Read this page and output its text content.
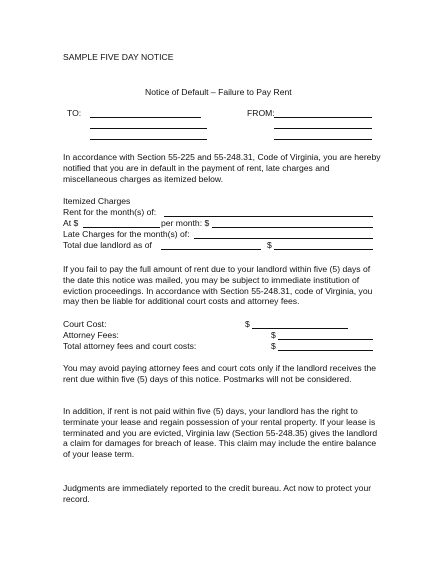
SAMPLE FIVE DAY NOTICE
Notice of Default – Failure to Pay Rent
TO:	FROM:
In accordance with Section 55-225 and 55-248.31, Code of Virginia, you are hereby notified that you are in default in the payment of rent, late charges and miscellaneous charges as itemized below.
Itemized Charges
Rent for the month(s) of:
At $	per month: $
Late Charges for the month(s) of:
Total due landlord as of	$
If you fail to pay the full amount of rent due to your landlord within five (5) days of the date this notice was mailed, you may be subject to immediate institution of eviction proceedings. In accordance with Section 55-248.31, code of Virginia, you may then be liable for additional court costs and attorney fees.
Court Cost:	$
Attorney Fees:	$
Total attorney fees and court costs:	$
You may avoid paying attorney fees and court cots only if the landlord receives the rent due within five (5) days of this notice. Postmarks will not be considered.
In addition, if rent is not paid within five (5) days, your landlord has the right to terminate your lease and regain possession of your rental property. If your lease is terminated and you are evicted, Virginia law (Section 55-248.35) gives the landlord a claim for damages for breach of lease. This claim may include the entire balance of your lease term.
Judgments are immediately reported to the credit bureau. Act now to protect your record.
